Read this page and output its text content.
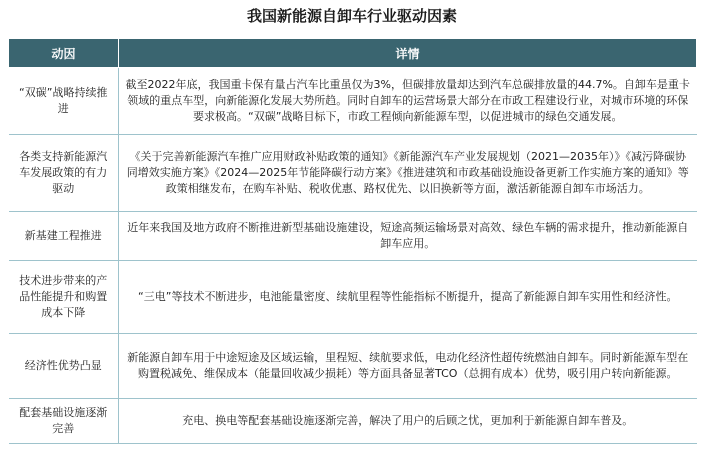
我国新能源自卸车行业驱动因素
动因	详情
“双碳”战略持续推进	截至2022年底，我国重卡保有量占汽车比重虽仅为3%，但碳排放量却达到汽车总碳排放量的44.7%。自卸车是重卡领域的重点车型，向新能源化发展大势所趋。同时自卸车的运营场景大部分在市政工程建设行业，对城市环境的环保要求极高。“双碳”战略目标下，市政工程倾向新能源车型，以促进城市的绿色交通发展。
各类支持新能源汽车发展政策的有力驱动	《关于完善新能源汽车推广应用财政补贴政策的通知》《新能源汽车产业发展规划（2021—2035年）》《减污降碳协同增效实施方案》《2024—2025年节能降碳行动方案》《推进建筑和市政基础设施设备更新工作实施方案的通知》等政策相继发布，在购车补贴、税收优惠、路权优先、以旧换新等方面，激活新能源自卸车市场活力。
新基建工程推进	近年来我国及地方政府不断推进新型基础设施建设，短途高频运输场景对高效、绿色车辆的需求提升，推动新能源自卸车应用。
技术进步带来的产品性能提升和购置成本下降	“三电”等技术不断进步，电池能量密度、续航里程等性能指标不断提升，提高了新能源自卸车实用性和经济性。
经济性优势凸显	新能源自卸车用于中途短途及区域运输，里程短、续航要求低，电动化经济性超传统燃油自卸车。同时新能源车型在购置税减免、维保成本（能量回收减少损耗）等方面具备显著TCO（总拥有成本）优势，吸引用户转向新能源。
配套基础设施逐渐完善	充电、换电等配套基础设施逐渐完善，解决了用户的后顾之忧，更加利于新能源自卸车普及。
